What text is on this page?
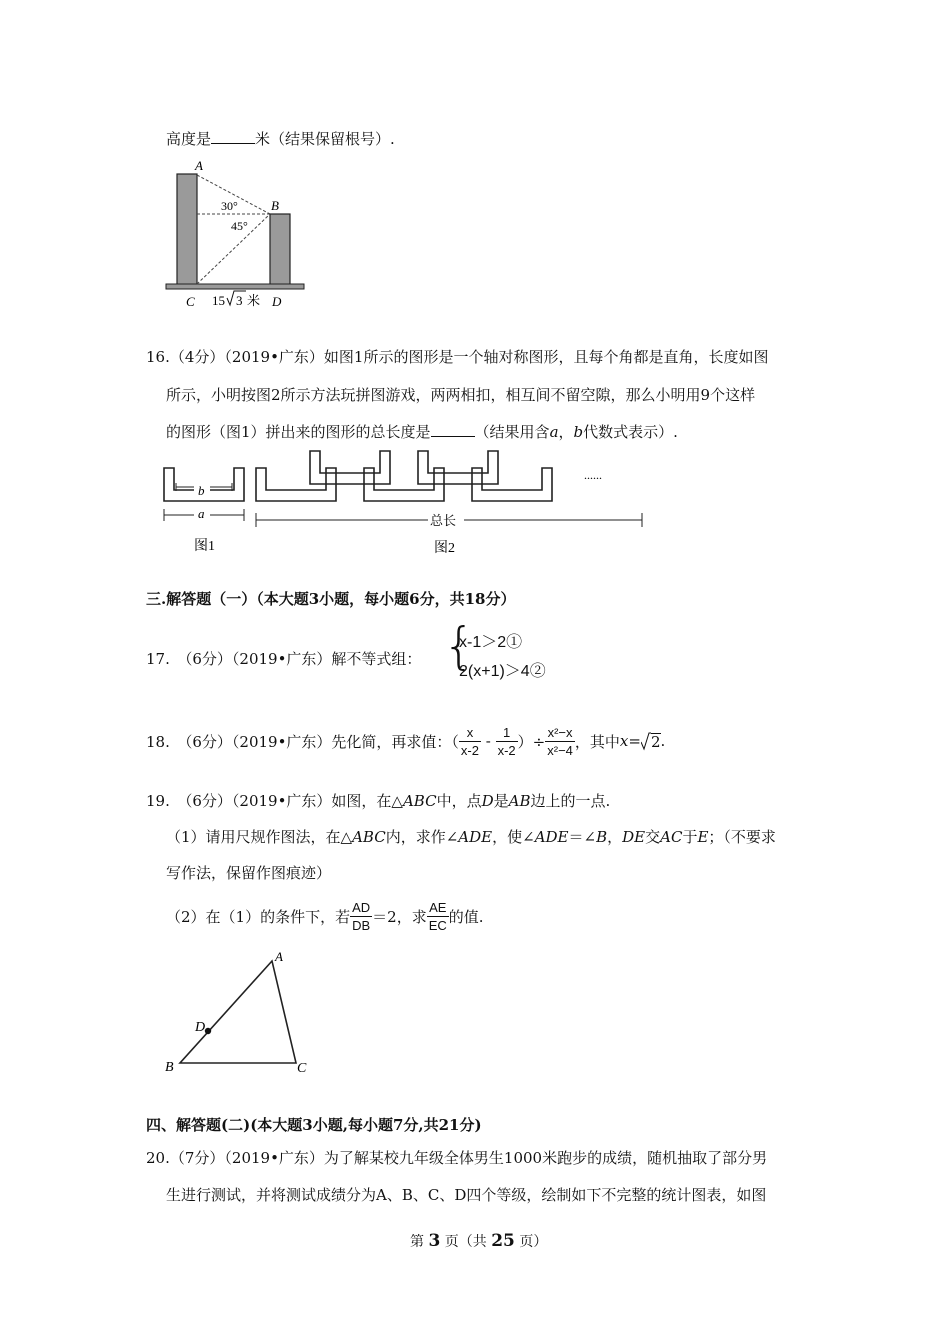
高度是	米（结果保留根号）.
A
B
30°
45°
C	D
15 3 米
16.（4分）（2019•广东）如图1所示的图形是一个轴对称图形，且每个角都是直角，长度如图
所示，小明按图2所示方法玩拼图游戏，两两相扣，相互间不留空隙，那么小明用9个这样
的图形（图1）拼出来的图形的总长度是	（结果用含a，b代数式表示）.
......
b
a	总长
图1	图2
三.解答题（一）（本大题3小题，每小题6分，共18分）
17.　（6分）（2019•广东）解不等式组： {
x-1＞2①
2(x+1)＞4②
18.　（6分）（2019•广东）先化简，再求值：（ $\frac{x}{x-2} - \frac{1}{x-2}$ ）÷ $\frac{\text{x²−x}}{\text{x²−4}}$ ，其中 x = 2 .
19.　（6分）（2019•广东）如图，在△ABC中，点D是AB边上的一点.
（1）请用尺规作图法，在△ABC内，求作∠ADE，使∠ADE＝∠B，DE交AC于E；（不要求
写作法，保留作图痕迹）
（2）在（1）的条件下，若 $\frac{AD}{DB} =2$，求 $\frac{AE}{EC}$ 的值.
A
B	C
D
四、解答题(二)(本大题3小题,每小题7分,共21分)
20.（7分）（2019•广东）为了解某校九年级全体男生1000米跑步的成绩，随机抽取了部分男
生进行测试，并将测试成绩分为A、B、C、D四个等级，绘制如下不完整的统计图表，如图
第 3 页（共 25 页）
